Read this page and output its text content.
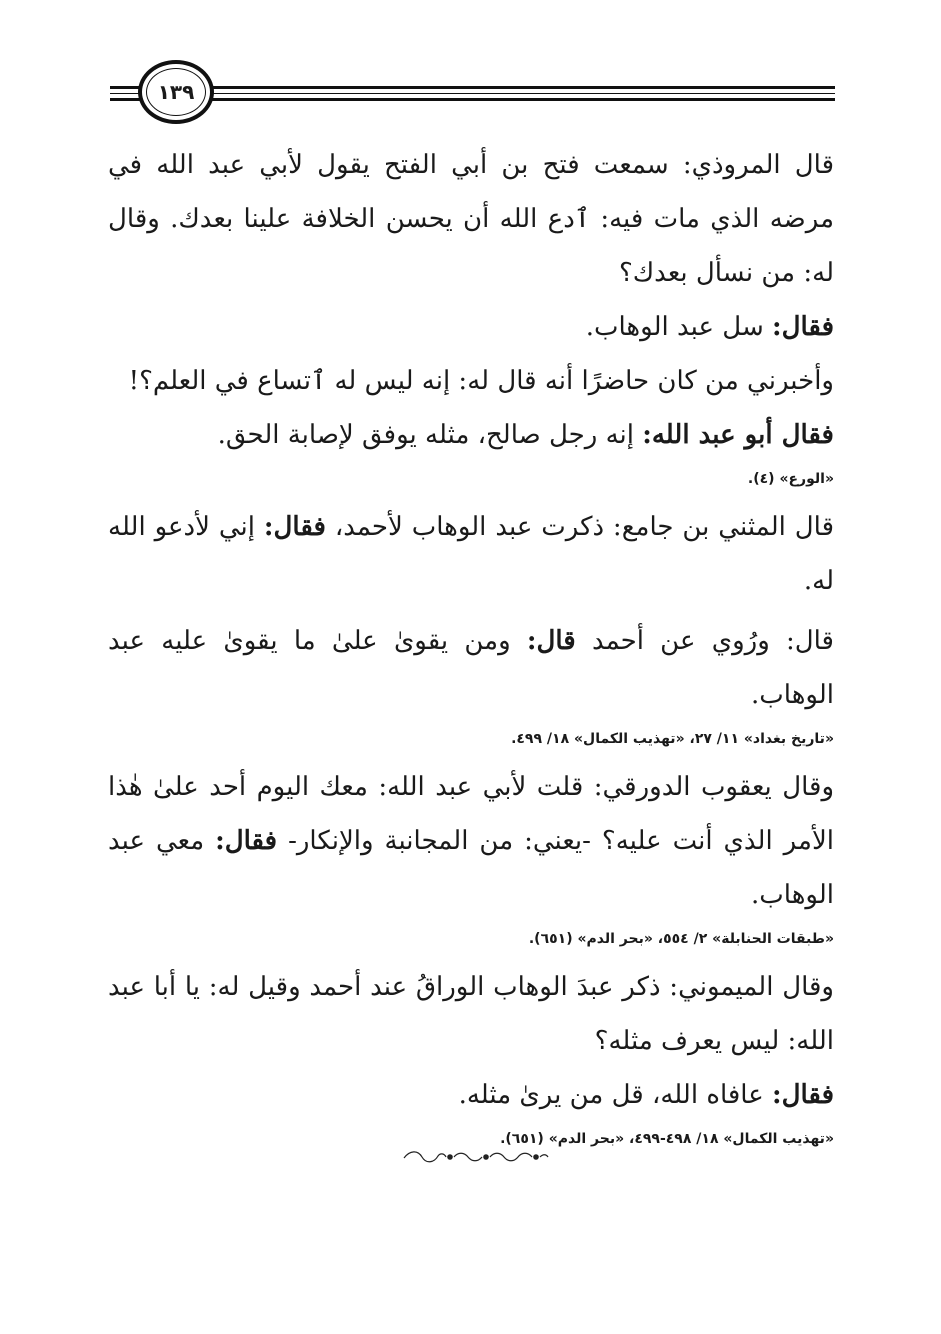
١٣٩

قال المروذي: سمعت فتح بن أبي الفتح يقول لأبي عبد الله في مرضه الذي مات فيه: ٱدع الله أن يحسن الخلافة علينا بعدك. وقال له: من نسأل بعدك؟

فقال: سل عبد الوهاب.

وأخبرني من كان حاضرًا أنه قال له: إنه ليس له ٱتساع في العلم؟!

فقال أبو عبد الله: إنه رجل صالح، مثله يوفق لإصابة الحق.

«الورع» (٤).

قال المثني بن جامع: ذكرت عبد الوهاب لأحمد، فقال: إني لأدعو الله له.

قال: ورُوي عن أحمد قال: ومن يقوىٰ علىٰ ما يقوىٰ عليه عبد الوهاب.

«تاريخ بغداد» ١١/ ٢٧، «تهذيب الكمال» ١٨/ ٤٩٩.

وقال يعقوب الدورقي: قلت لأبي عبد الله: معك اليوم أحد علىٰ هٰذا الأمر الذي أنت عليه؟ -يعني: من المجانبة والإنكار- فقال: معي عبد الوهاب.

«طبقات الحنابلة» ٢/ ٥٥٤، «بحر الدم» (٦٥١).

وقال الميموني: ذكر عبدَ الوهاب الوراقُ عند أحمد وقيل له: يا أبا عبد الله: ليس يعرف مثله؟

فقال: عافاه الله، قل من يرىٰ مثله.

«تهذيب الكمال» ١٨/ ٤٩٨-٤٩٩، «بحر الدم» (٦٥١).
